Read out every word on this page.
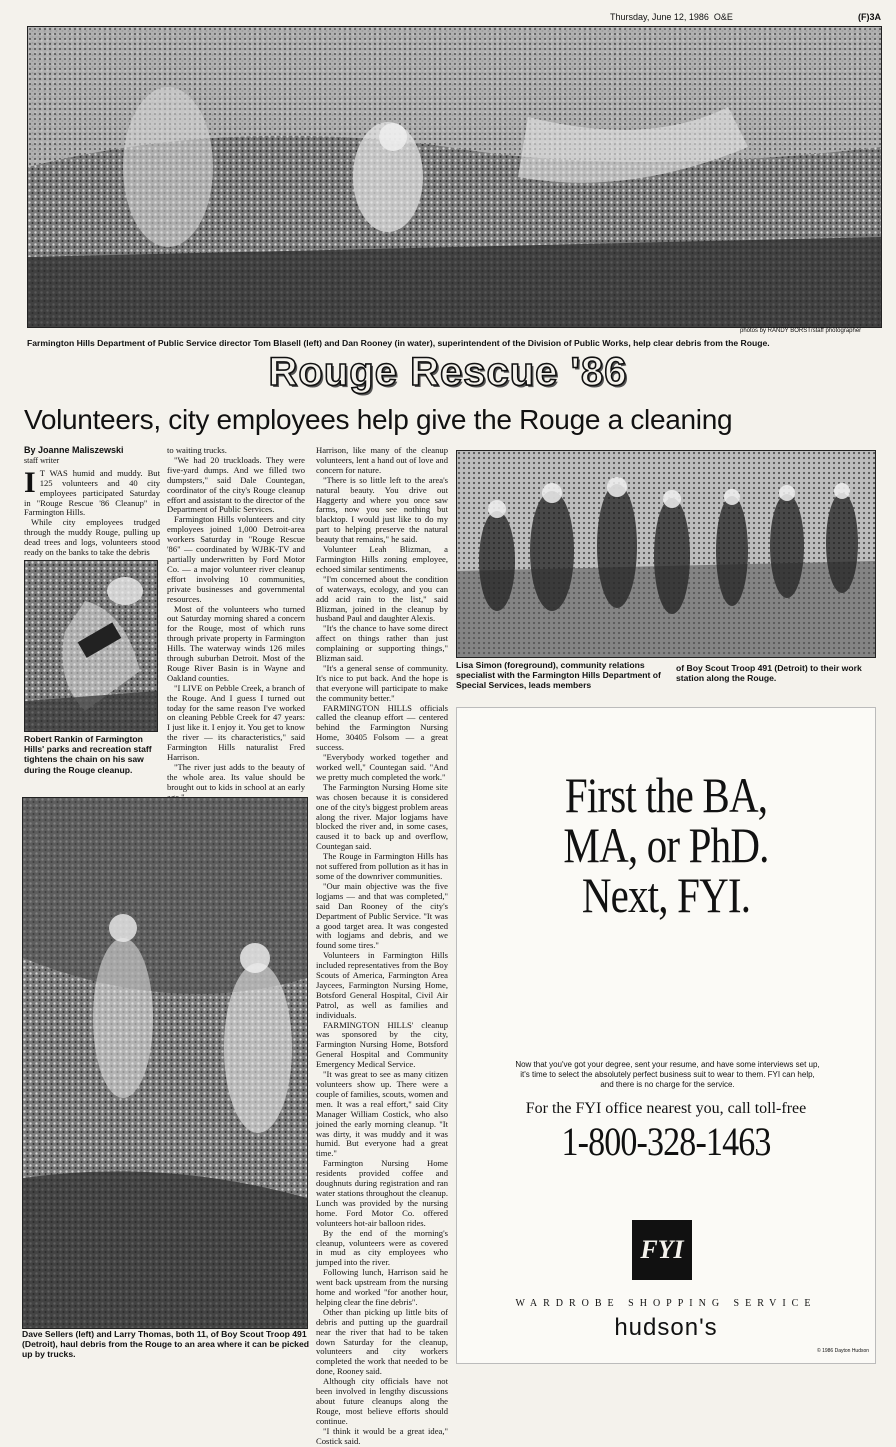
Thursday, June 12, 1986 O&E	(F)3A
photos by RANDY BORST/staff photographer
Farmington Hills Department of Public Service director Tom Blasell (left) and Dan Rooney (in water), superintendent of the Division of Public Works, help clear debris from the Rouge.
Rouge Rescue '86
Volunteers, city employees help give the Rouge a cleaning
By Joanne Maliszewski
staff writer

I T WAS humid and muddy. But 125 volunteers and 40 city employees participated Saturday in "Rouge Rescue '86 Cleanup" in Farmington Hills.

While city employees trudged through the muddy Rouge, pulling up dead trees and logs, volunteers stood ready on the banks to take the debris

Robert Rankin of Farmington Hills' parks and recreation staff tightens the chain on his saw during the Rouge cleanup.

to waiting trucks.

"We had 20 truckloads. They were five-yard dumps. And we filled two dumpsters," said Dale Countegan, coordinator of the city's Rouge cleanup effort and assistant to the director of the Department of Public Services.

Farmington Hills volunteers and city employees joined 1,000 Detroit-area workers Saturday in "Rouge Rescue '86" — coordinated by WJBK-TV and partially underwritten by Ford Motor Co. — a major volunteer river cleanup effort involving 10 communities, private businesses and governmental resources.

Most of the volunteers who turned out Saturday morning shared a concern for the Rouge, most of which runs through private property in Farmington Hills. The waterway winds 126 miles through suburban Detroit. Most of the Rouge River Basin is in Wayne and Oakland counties.

"I LIVE on Pebble Creek, a branch of the Rouge. And I guess I turned out today for the same reason I've worked on cleaning Pebble Creek for 47 years: I just like it. I enjoy it. You get to know the river — its characteristics," said Farmington Hills naturalist Fred Harrison.

"The river just adds to the beauty of the whole area. Its value should be brought out to kids in school at an early

Dave Sellers (left) and Larry Thomas, both 11, of Boy Scout Troop 491 (Detroit), haul debris from the Rouge to an area where it can be picked up by trucks.

Harrison, like many of the cleanup volunteers, lent a hand out of love and concern for nature.

"There is so little left to the area's natural beauty. You drive out Haggerty and where you once saw farms, now you see nothing but blacktop. I would just like to do my part to helping preserve the natural beauty that remains," he said.

Volunteer Leah Blizman, a Farmington Hills zoning employee, echoed similar sentiments.

"I'm concerned about the condition of waterways, ecology, and you can add acid rain to the list," said Blizman, joined in the cleanup by husband Paul and daughter Alexis.

"It's the chance to have some direct affect on things rather than just complaining or supporting things," Blizman said.

"It's a general sense of community. It's nice to put back. And the hope is that everyone will participate to make the community better."

FARMINGTON HILLS officials called the cleanup effort — centered behind the Farmington Nursing Home, 30405 Folsom — a great success.

"Everybody worked together and worked well," Countegan said. "And we pretty much completed the work."

The Farmington Nursing Home site was chosen because it is considered one of the city's biggest problem areas along the river. Major logjams have blocked the river and, in some cases, caused it to back up and overflow, Countegan said.

The Rouge in Farmington Hills has not suffered from pollution as it has in some of the downriver communities.

"Our main objective was the five logjams — and that was completed," said Dan Rooney of the city's Department of Public Service. "It was a good target area. It was congested with logjams and debris, and we found some tires."

Volunteers in Farmington Hills included representatives from the Boy Scouts of America, Farmington Area Jaycees, Farmington Nursing Home, Botsford General Hospital, Civil Air Patrol, as well as families and individuals.

FARMINGTON HILLS' cleanup was sponsored by the city, Farmington Nursing Home, Botsford General Hospital and Community Emergency Medical Service.

"It was great to see as many citizen volunteers show up. There were a couple of families, scouts, women and men. It was a real effort," said City Manager William Costick, who also joined the early morning cleanup. "It was dirty, it was muddy and it was humid. But everyone had a great time."

Farmington Nursing Home residents provided coffee and doughnuts during registration and ran water stations throughout the cleanup. Lunch was provided by the nursing home. Ford Motor Co. offered volunteers hot-air balloon rides.

By the end of the morning's cleanup, volunteers were as covered in mud as city employees who jumped into the river.

Following lunch, Harrison said he went back upstream from the nursing home and worked "for another hour, helping clear the fine debris".

Other than picking up little bits of debris and putting up the guardrail near the river that had to be taken down Saturday for the cleanup, volunteers and city workers completed the work that needed to be done, Rooney said.

Although city officials have not been involved in lengthy discussions about future cleanups along the Rouge, most believe efforts should continue.

"I think it would be a great idea," Costick said.

Lisa Simon (foreground), community relations specialist with the Farmington Hills Department of Special Services, leads members
of Boy Scout Troop 491 (Detroit) to their work station along the Rouge.
First the BA,
MA, or PhD.
Next, FYI.
Now that you've got your degree, sent your resume, and have some interviews set up, it's time to select the absolutely perfect business suit to wear to them. FYI can help, and there is no charge for the service.
For the FYI office nearest you, call toll-free
1-800-328-1463
FYI
WARDROBE SHOPPING SERVICE
hudson's
© 1986 Dayton Hudson
